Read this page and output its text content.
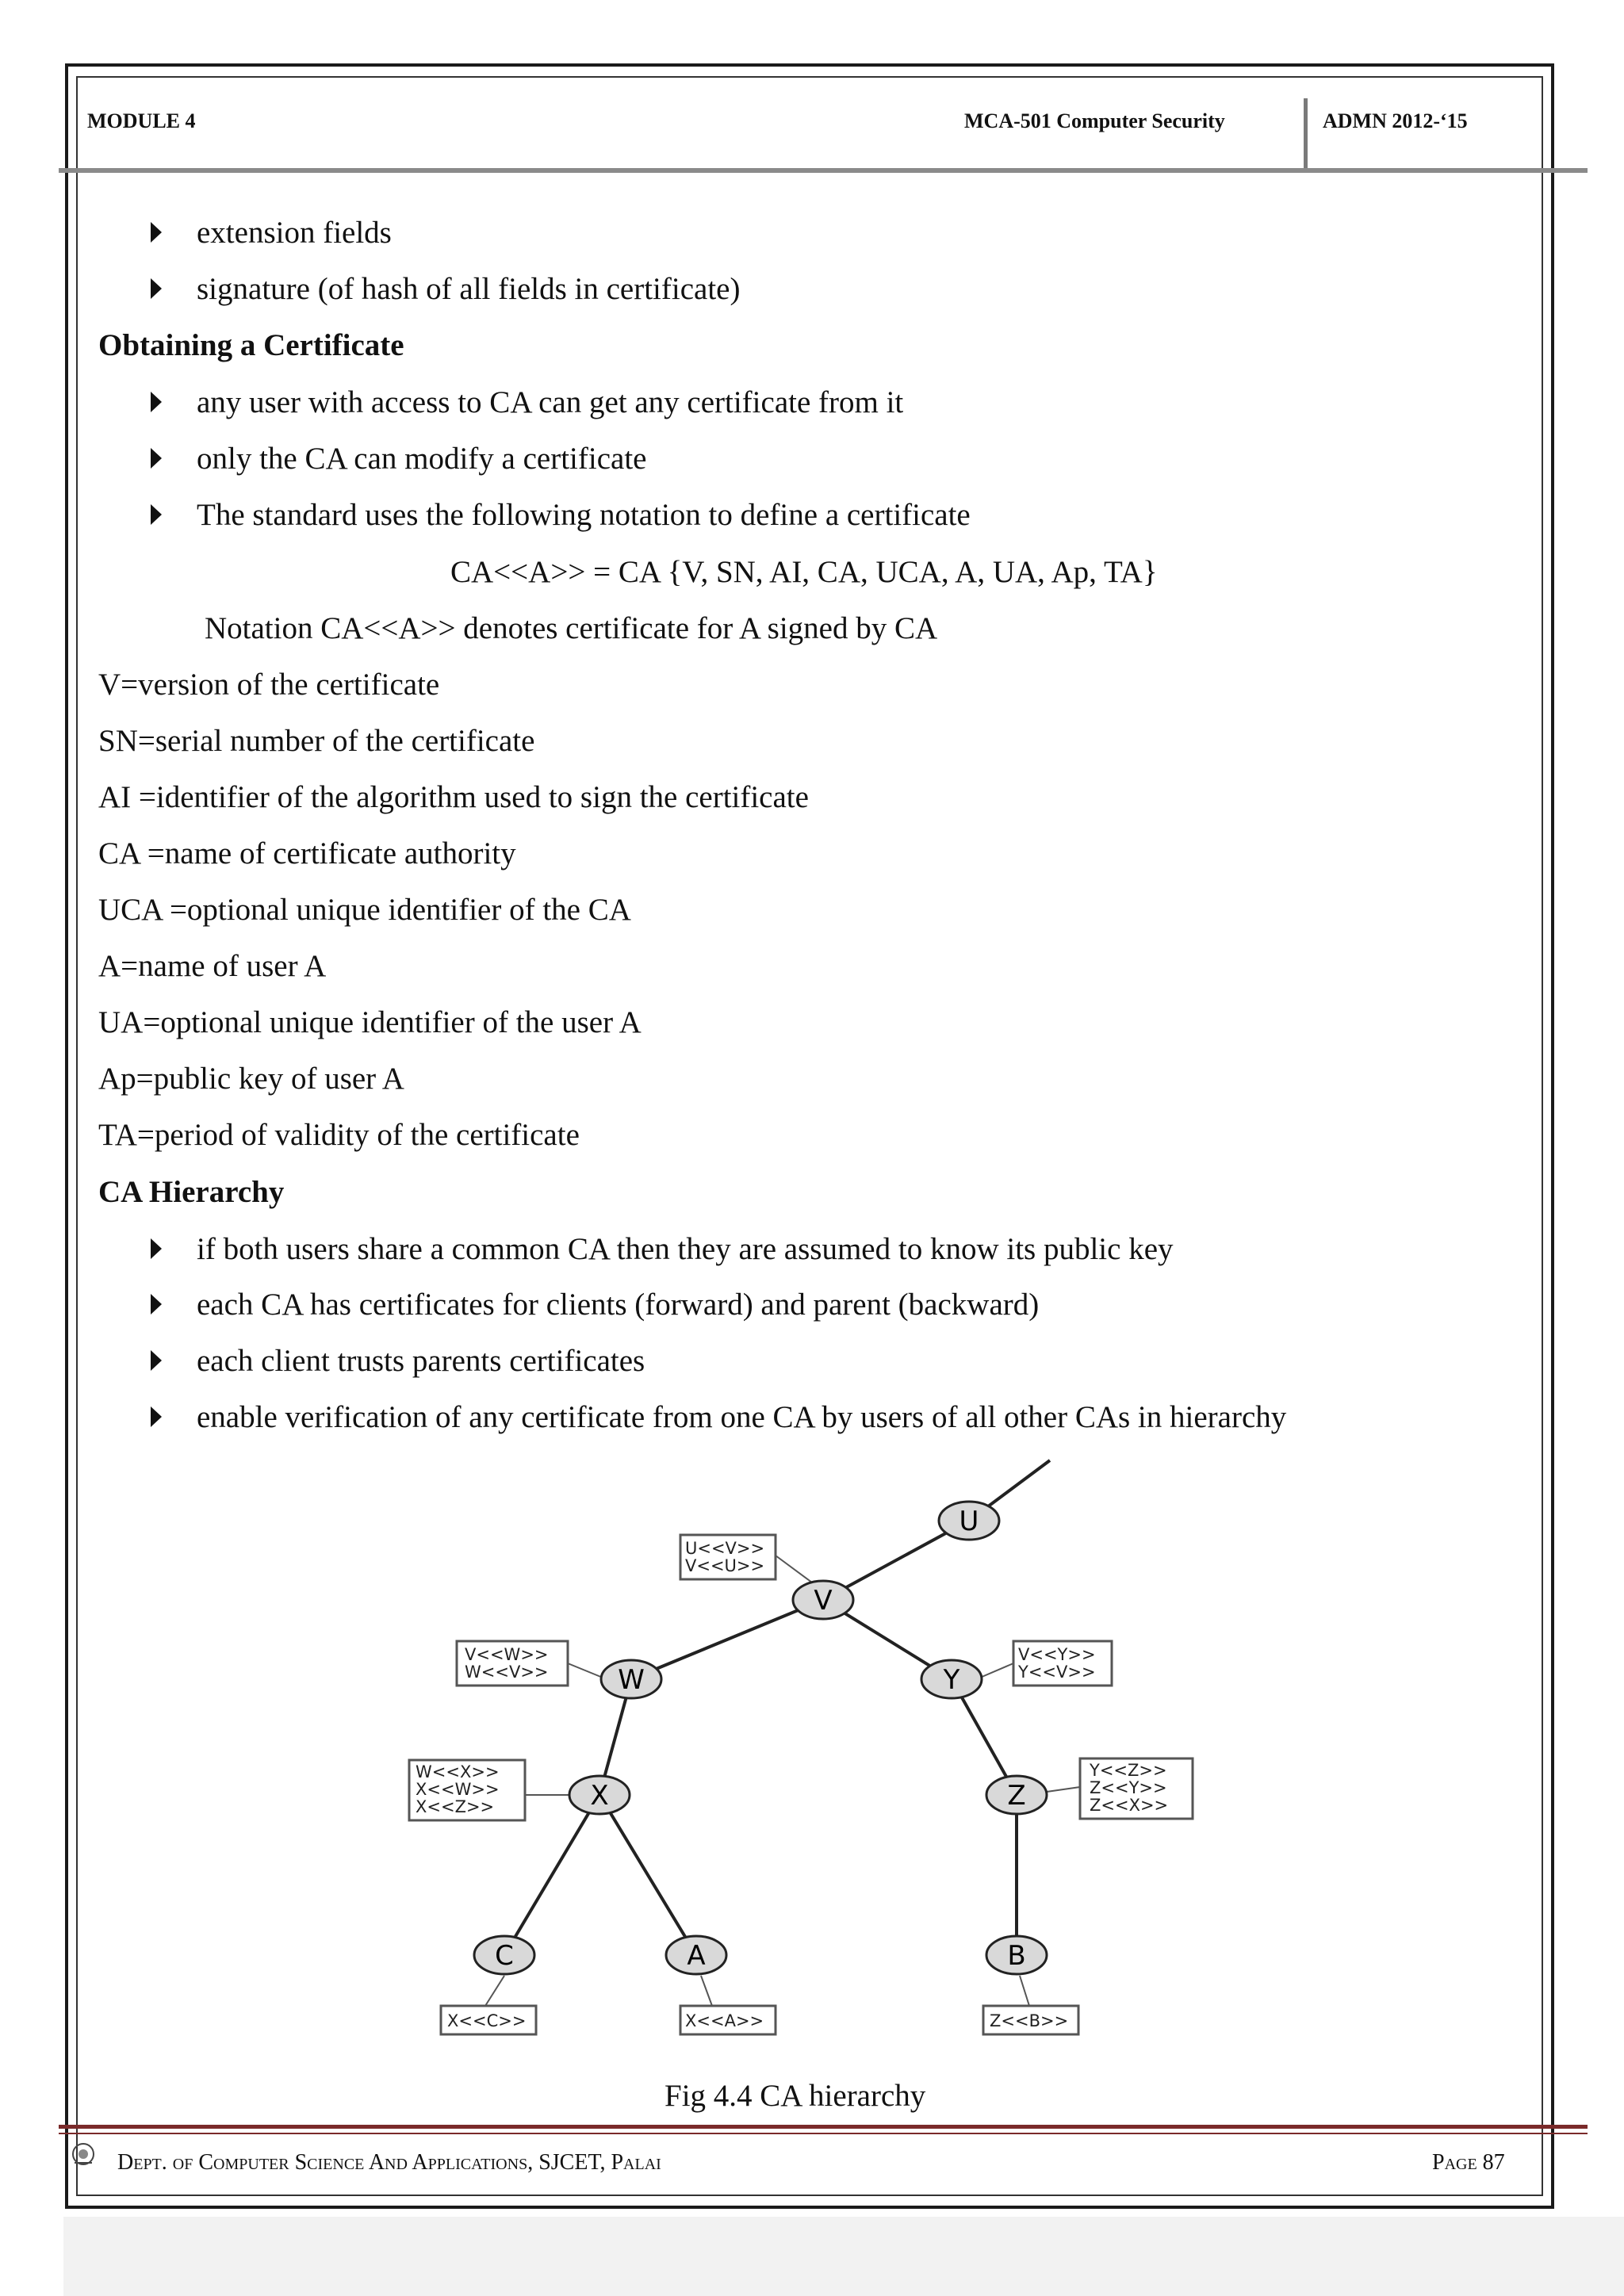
MODULE 4	MCA-501 Computer Security	ADMN 2012-‘15
extension fields
signature (of hash of all fields in certificate)
Obtaining a Certificate
any user with access to CA can get any certificate from it
only the CA can modify a certificate
The standard uses the following notation to define a certificate
CA<<A>> = CA {V, SN, AI, CA, UCA, A, UA, Ap, TA}
Notation CA<<A>> denotes certificate for A signed by CA
V=version of the certificate
SN=serial number of the certificate
AI =identifier of the algorithm used to sign the certificate
CA =name of certificate authority
UCA =optional unique identifier of the CA
A=name of user A
UA=optional unique identifier of the user A
Ap=public key of user A
TA=period of validity of the certificate
CA Hierarchy
if both users share a common CA then they are assumed to know its public key
each CA has certificates for clients (forward) and parent (backward)
each client trusts parents certificates
enable verification of any certificate from one CA by users of all other CAs in hierarchy
U
V
W	Y
X	Z
C	A	B
U<<V>>
V<<U>>
V<<W>>
W<<V>>
V<<Y>>
Y<<V>>
W<<X>>
X<<W>>
X<<Z>>
Y<<Z>>
Z<<Y>>
Z<<X>>
X<<C>>	X<<A>>	Z<<B>>
Fig 4.4 CA hierarchy
Dept. of Computer Science And Applications, SJCET, Palai	Page 87
